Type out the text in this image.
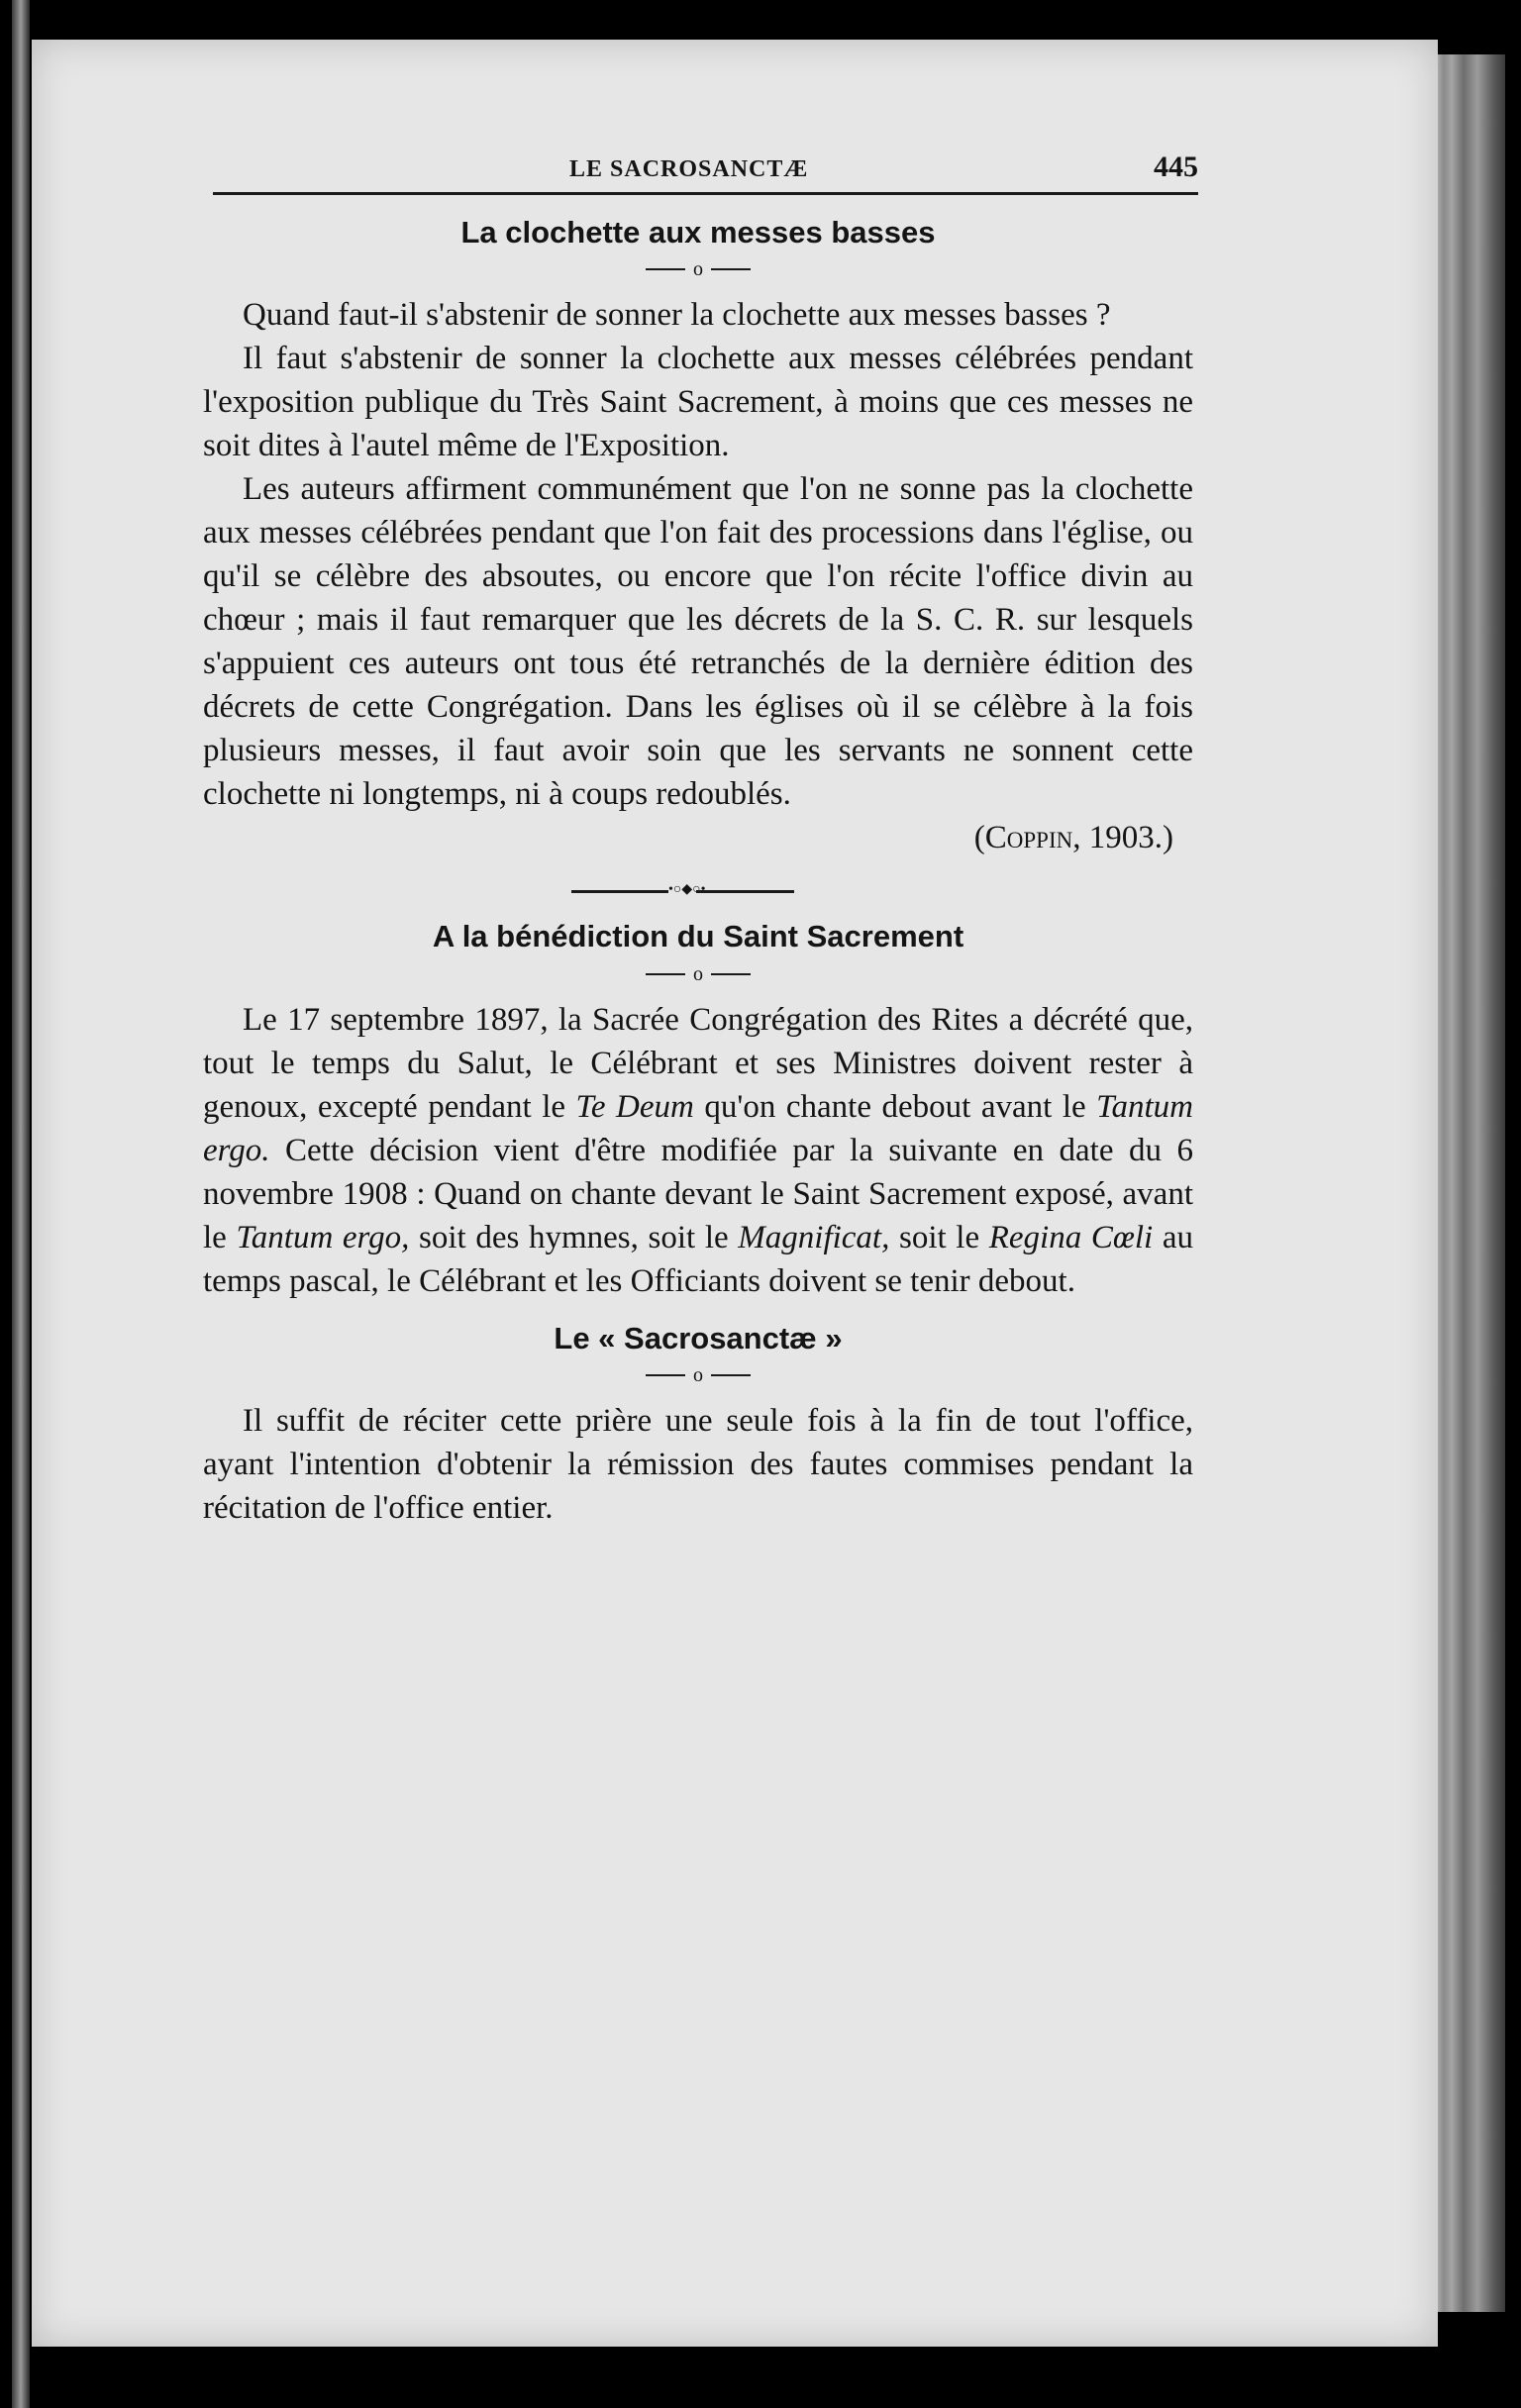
LE SACROSANCTÆ	445
La clochette aux messes basses
o

Quand faut-il s'abstenir de sonner la clochette aux messes basses ?

Il faut s'abstenir de sonner la clochette aux messes célébrées pendant l'exposition publique du Très Saint Sacrement, à moins que ces messes ne soit dites à l'autel même de l'Exposition.

Les auteurs affirment communément que l'on ne sonne pas la clochette aux messes célébrées pendant que l'on fait des processions dans l'église, ou qu'il se célèbre des absoutes, ou encore que l'on récite l'office divin au chœur ; mais il faut remarquer que les décrets de la S. C. R. sur lesquels s'appuient ces auteurs ont tous été retranchés de la dernière édition des décrets de cette Congrégation. Dans les églises où il se célèbre à la fois plusieurs messes, il faut avoir soin que les servants ne sonnent cette clochette ni longtemps, ni à coups redoublés.

(Coppin, 1903.)
•○◆○•
A la bénédiction du Saint Sacrement
o

Le 17 septembre 1897, la Sacrée Congrégation des Rites a décrété que, tout le temps du Salut, le Célébrant et ses Ministres doivent rester à genoux, excepté pendant le Te Deum qu'on chante debout avant le Tantum ergo. Cette décision vient d'être modifiée par la suivante en date du 6 novembre 1908 : Quand on chante devant le Saint Sacrement exposé, avant le Tantum ergo, soit des hymnes, soit le Magnificat, soit le Regina Cœli au temps pascal, le Célébrant et les Officiants doivent se tenir debout.

Le « Sacrosanctæ »
o

Il suffit de réciter cette prière une seule fois à la fin de tout l'office, ayant l'intention d'obtenir la rémission des fautes commises pendant la récitation de l'office entier.
